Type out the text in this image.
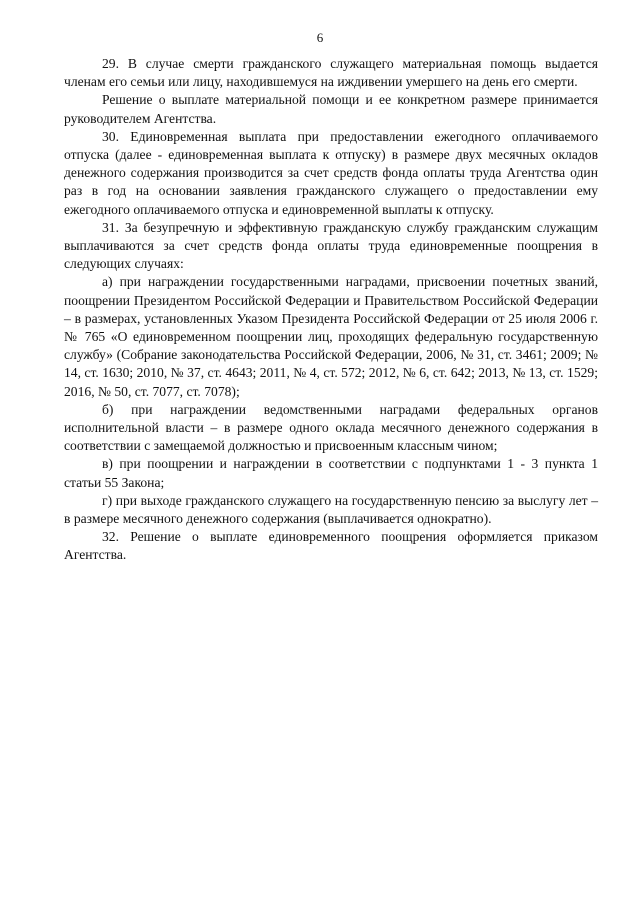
6

29. В случае смерти гражданского служащего материальная помощь выдается членам его семьи или лицу, находившемуся на иждивении умершего на день его смерти.

Решение о выплате материальной помощи и ее конкретном размере принимается руководителем Агентства.

30. Единовременная выплата при предоставлении ежегодного оплачиваемого отпуска (далее - единовременная выплата к отпуску) в размере двух месячных окладов денежного содержания производится за счет средств фонда оплаты труда Агентства один раз в год на основании заявления гражданского служащего о предоставлении ему ежегодного оплачиваемого отпуска и единовременной выплаты к отпуску.

31. За безупречную и эффективную гражданскую службу гражданским служащим выплачиваются за счет средств фонда оплаты труда единовременные поощрения в следующих случаях:

а) при награждении государственными наградами, присвоении почетных званий, поощрении Президентом Российской Федерации и Правительством Российской Федерации – в размерах, установленных Указом Президента Российской Федерации от 25 июля 2006 г. № 765 «О единовременном поощрении лиц, проходящих федеральную государственную службу» (Собрание законодательства Российской Федерации, 2006, № 31, ст. 3461; 2009; № 14, ст. 1630; 2010, № 37, ст. 4643; 2011, № 4, ст. 572; 2012, № 6, ст. 642; 2013, № 13, ст. 1529; 2016, № 50, ст. 7077, ст. 7078);

б) при награждении ведомственными наградами федеральных органов исполнительной власти – в размере одного оклада месячного денежного содержания в соответствии с замещаемой должностью и присвоенным классным чином;

в) при поощрении и награждении в соответствии с подпунктами 1 - 3 пункта 1 статьи 55 Закона;

г) при выходе гражданского служащего на государственную пенсию за выслугу лет – в размере месячного денежного содержания (выплачивается однократно).

32. Решение о выплате единовременного поощрения оформляется приказом Агентства.
